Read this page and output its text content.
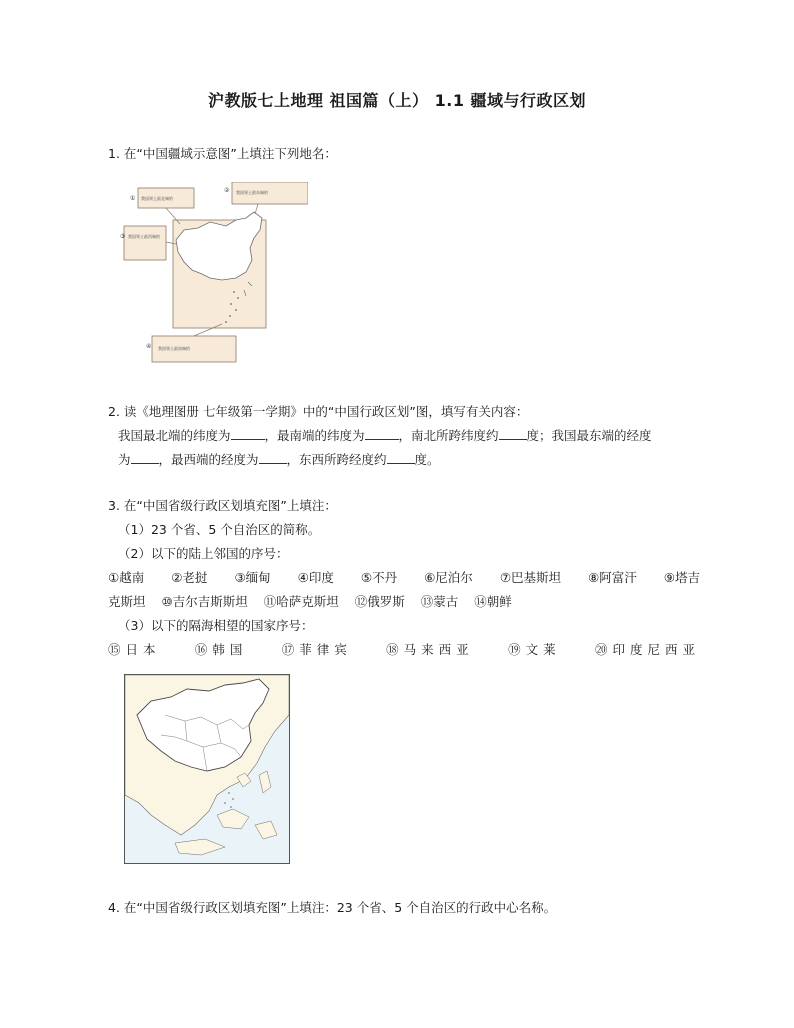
沪教版七上地理 祖国篇（上） 1.1 疆域与行政区划
1. 在“中国疆域示意图”上填注下列地名：
① 我国领土最北端的
② 我国领土最东端的
③ 我国领土最西端的
④ 我国领土最南端的
2. 读《地理图册 七年级第一学期》中的“中国行政区划”图，填写有关内容：
我国最北端的纬度为	，最南端的纬度为	，南北所跨纬度约 度；我国最东端的经度
为 ，最西端的经度为 ，东西所跨经度约 度。
3. 在“中国省级行政区划填充图”上填注：
（1）23 个省、5 个自治区的简称。
（2）以下的陆上邻国的序号：
①越南 ②老挝 ③缅甸 ④印度 ⑤不丹 ⑥尼泊尔 ⑦巴基斯坦 ⑧阿富汗 ⑨塔吉
克斯坦 ⑩吉尔吉斯斯坦 ⑪哈萨克斯坦 ⑫俄罗斯 ⑬蒙古 ⑭朝鲜
（3）以下的隔海相望的国家序号：
⑮日本	⑯韩国	⑰菲律宾	⑱马来西亚	⑲文莱	⑳印度尼西亚
4. 在“中国省级行政区划填充图”上填注：23 个省、5 个自治区的行政中心名称。
